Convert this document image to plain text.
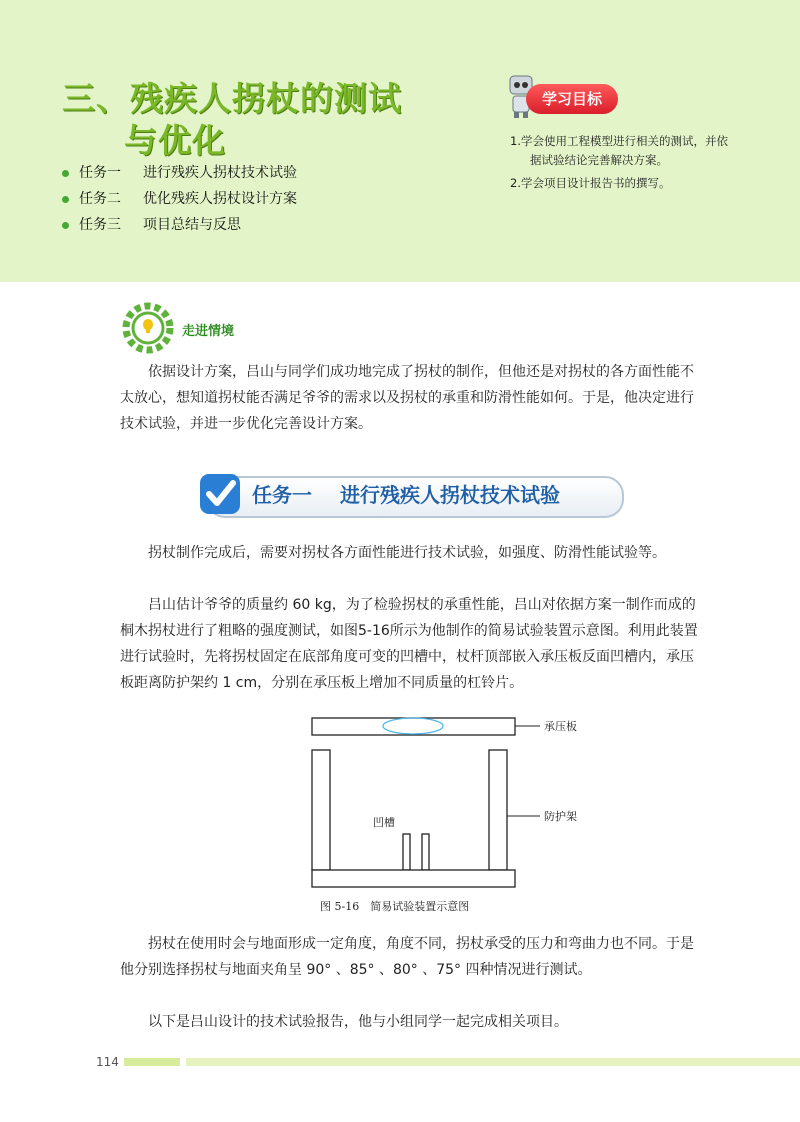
三、残疾人拐杖的测试
与优化
任务一	进行残疾人拐杖技术试验
任务二	优化残疾人拐杖设计方案
任务三	项目总结与反思
学习目标
1.学会使用工程模型进行相关的测试，并依据试验结论完善解决方案。
2.学会项目设计报告书的撰写。
走进情境

依据设计方案，吕山与同学们成功地完成了拐杖的制作，但他还是对拐杖的各方面性能不太放心，想知道拐杖能否满足爷爷的需求以及拐杖的承重和防滑性能如何。于是，他决定进行技术试验，并进一步优化完善设计方案。

任务一 进行残疾人拐杖技术试验

拐杖制作完成后，需要对拐杖各方面性能进行技术试验，如强度、防滑性能试验等。

吕山估计爷爷的质量约 60 kg，为了检验拐杖的承重性能，吕山对依据方案一制作而成的桐木拐杖进行了粗略的强度测试，如图5-16所示为他制作的简易试验装置示意图。利用此装置进行试验时，先将拐杖固定在底部角度可变的凹槽中，杖杆顶部嵌入承压板反面凹槽内，承压板距离防护架约 1 cm，分别在承压板上增加不同质量的杠铃片。

承压板
防护架
凹槽
图 5-16　简易试验装置示意图

拐杖在使用时会与地面形成一定角度，角度不同，拐杖承受的压力和弯曲力也不同。于是他分别选择拐杖与地面夹角呈 90° 、85° 、80° 、75° 四种情况进行测试。

以下是吕山设计的技术试验报告，他与小组同学一起完成相关项目。

114
